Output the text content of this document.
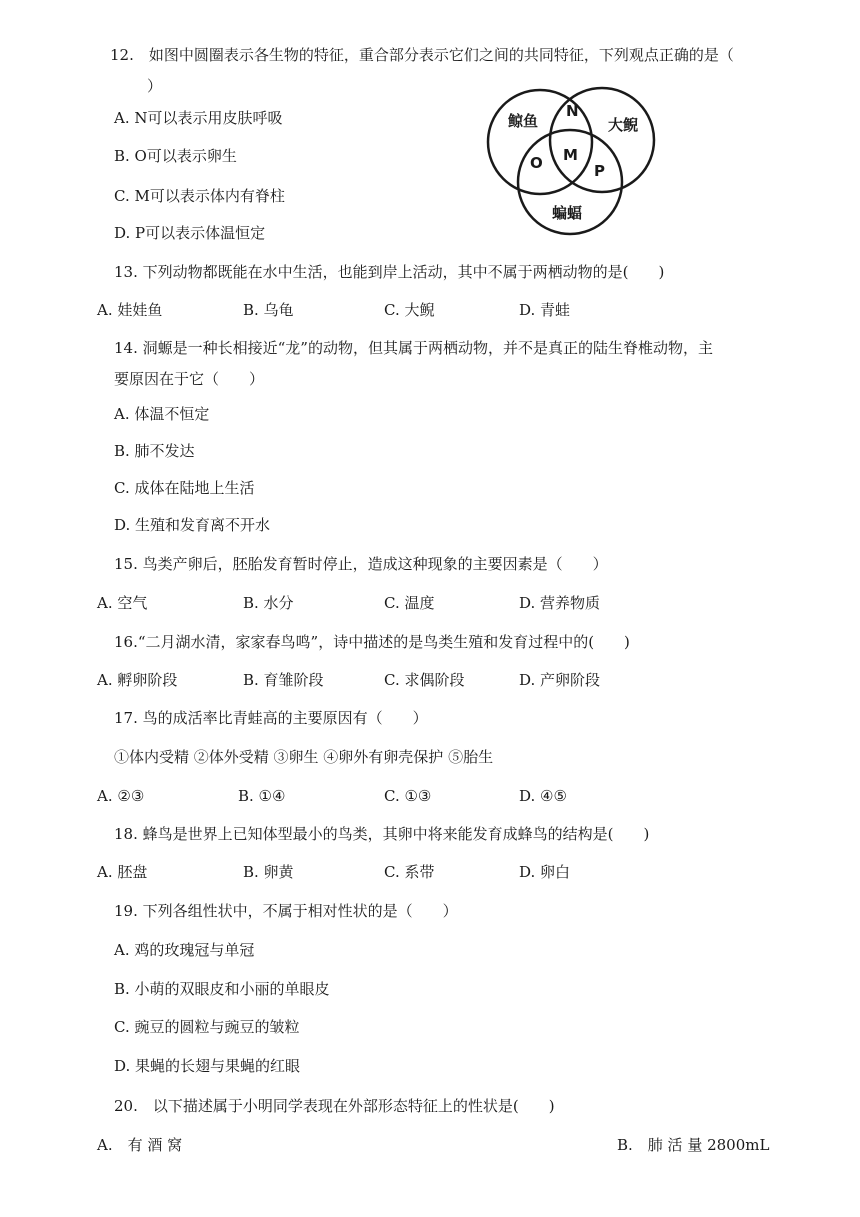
12.　如图中圆圈表示各生物的特征，重合部分表示它们之间的共同特征，下列观点正确的是（
）
A. N可以表示用皮肤呼吸
B. O可以表示卵生
C. M可以表示体内有脊柱
D. P可以表示体温恒定
鲸鱼	大鲵
蝙蝠
N
O M
P
13. 下列动物都既能在水中生活，也能到岸上活动，其中不属于两栖动物的是(　　)
A. 娃娃鱼	B. 乌龟	C. 大鲵	D. 青蛙
14. 洞螈是一种长相接近“龙”的动物，但其属于两栖动物，并不是真正的陆生脊椎动物，主
要原因在于它（　　）
A. 体温不恒定
B. 肺不发达
C. 成体在陆地上生活
D. 生殖和发育离不开水
15. 鸟类产卵后，胚胎发育暂时停止，造成这种现象的主要因素是（　　）
A. 空气	B. 水分	C. 温度	D. 营养物质
16.“二月湖水清，家家春鸟鸣”，诗中描述的是鸟类生殖和发育过程中的(　　)
A. 孵卵阶段	B. 育雏阶段	C. 求偶阶段	D. 产卵阶段
17. 鸟的成活率比青蛙高的主要原因有（　　）
①体内受精 ②体外受精 ③卵生 ④卵外有卵壳保护 ⑤胎生
A. ②③	B. ①④	C. ①③	D. ④⑤
18. 蜂鸟是世界上已知体型最小的鸟类，其卵中将来能发育成蜂鸟的结构是(　　)
A. 胚盘	B. 卵黄	C. 系带	D. 卵白
19. 下列各组性状中，不属于相对性状的是（　　）
A. 鸡的玫瑰冠与单冠
B. 小萌的双眼皮和小丽的单眼皮
C. 豌豆的圆粒与豌豆的皱粒
D. 果蝇的长翅与果蝇的红眼
20.　以下描述属于小明同学表现在外部形态特征上的性状是(　　)
A.　有 酒 窝	B.　肺 活 量 2800mL
